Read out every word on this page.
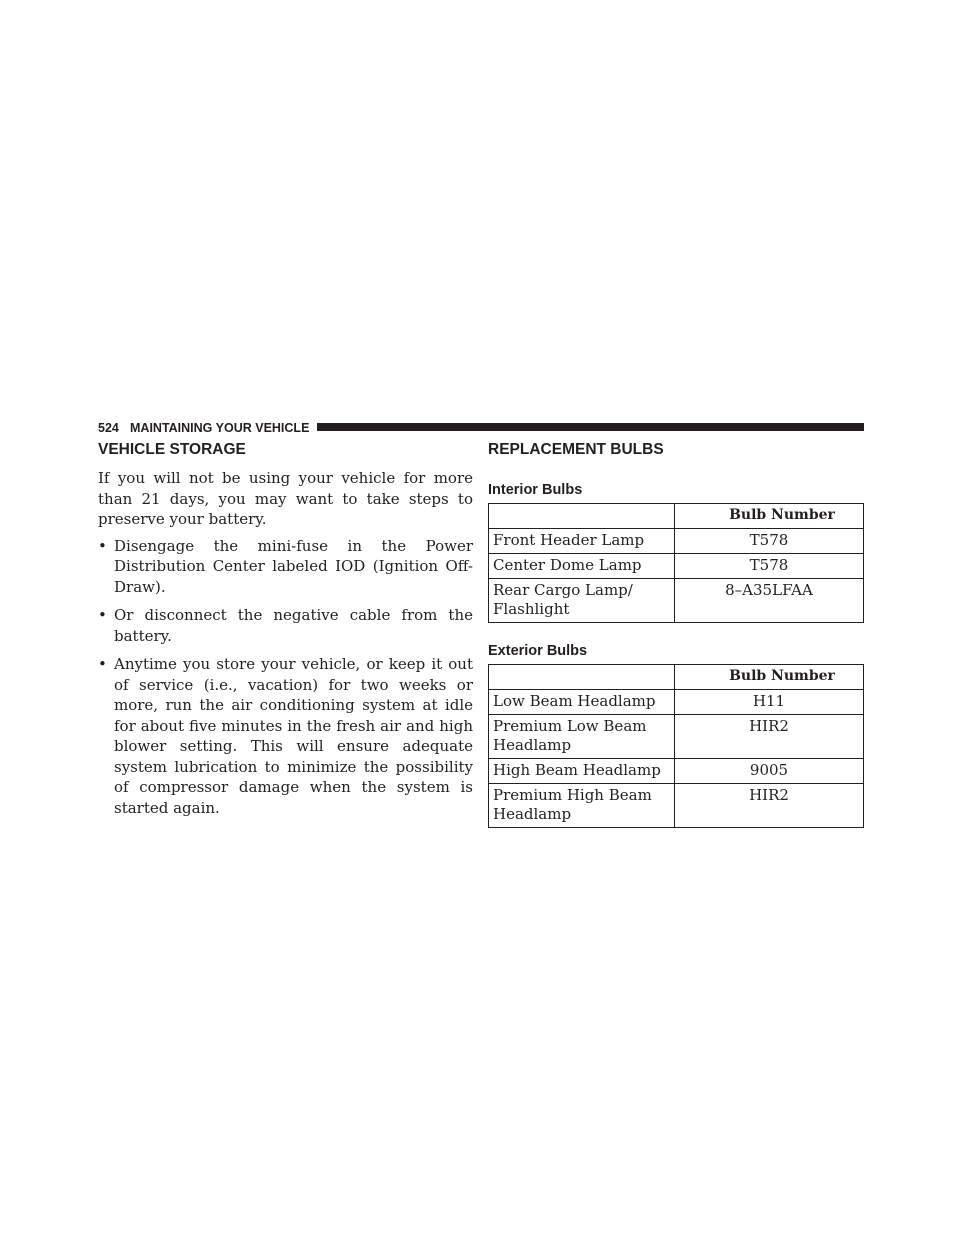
524 MAINTAINING YOUR VEHICLE
VEHICLE STORAGE

If you will not be using your vehicle for more than 21 days, you may want to take steps to preserve your battery.

• Disengage the mini-fuse in the Power Distribution Center labeled IOD (Ignition Off-Draw).
• Or disconnect the negative cable from the battery.
• Anytime you store your vehicle, or keep it out of service (i.e., vacation) for two weeks or more, run the air conditioning system at idle for about five minutes in the fresh air and high blower setting. This will ensure adequate system lubrication to minimize the possibility of compressor damage when the system is started again.
REPLACEMENT BULBS
Interior Bulbs
	Bulb Number
Front Header Lamp	T578
Center Dome Lamp	T578
Rear Cargo Lamp/
Flashlight	8–A35LFAA
Exterior Bulbs
	Bulb Number
Low Beam Headlamp	H11
Premium Low Beam
Headlamp	HIR2
High Beam Headlamp	9005
Premium High Beam
Headlamp	HIR2
